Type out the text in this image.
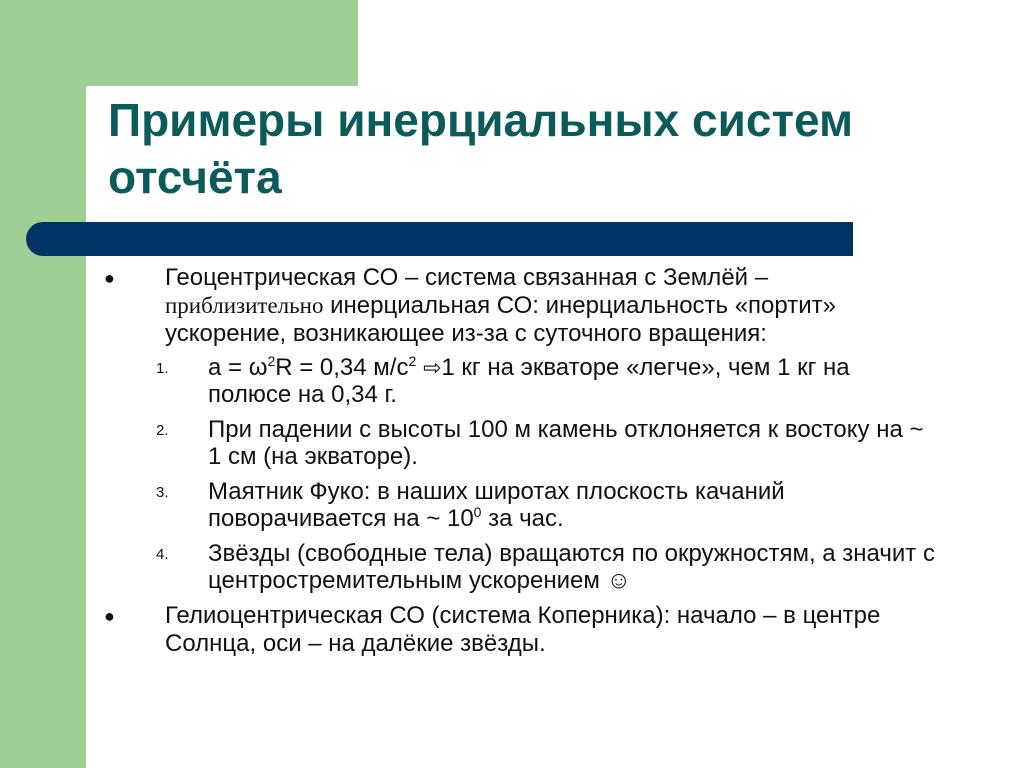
Примеры инерциальных систем отсчёта
● Геоцентрическая СО – система связанная с Землёй – приблизительно инерциальная СО: инерциальность «портит» ускорение, возникающее из-за с суточного вращения:
1. $a = \omega^2R = 0,34$ $м/с^2$ ⇨1 кг на экваторе «легче», чем 1 кг на полюсе на 0,34 г.
2. При падении с высоты 100 м камень отклоняется к востоку на ~ 1 см (на экваторе).
3. Маятник Фуко: в наших широтах плоскость качаний поворачивается на ~ $10^0$ за час.
4. Звёзды (свободные тела) вращаются по окружностям, а значит с центростремительным ускорением ☺
● Гелиоцентрическая СО (система Коперника): начало – в центре Солнца, оси – на далёкие звёзды.
